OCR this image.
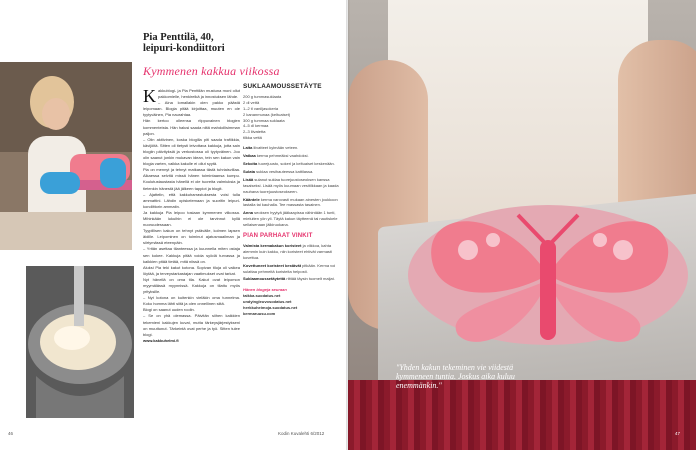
Pia Penttilä, 40,
leipuri-kondiittori
Kymmenen kakkua viikossa
K akkublogi- ja Pia Penttilän mustuna moni ollut pakkomielle, henkireikä ja innostuksen lähde.

– Aina lomallakin olen pakko päästä leipomaan. Blogia pitää kirjoittaa, muuten en ole tyytyväinen, Pia naurahtaa.

Hän kertoo olleensa riippuvainen blogien kommenteista. Hän halusi saada niitä mahdollisimman paljon.

– Olin aktiivinen, koska blogilla piti saada trafiikkia, kävijöitä. Sitten oli tietysti leivottava kakkuja, jotta sain blogiin päivityksiä ja verkostossa oli tyytyväinen. Joo olin saanut jonkin mukavan idean, tein sen kakun vain blogia varten, vaikka kakulle ei ollut syytä.

Pia on mennyt ja tehnyt matkassa tästä tuhriaisvillaa. Alkaessa selvitä missä hänen toimintaansa kumpu. Koulutustaustasta hänellä ei ole tuoreita valmiuksia ja tietenkin hänestä jää jälkeen tappiot ja blogit.

– Ajattelin, että kakkuharrastuksesta voisi tulla ammattini. Lähdin opiskelemaan ja suoritin leipuri-kondiittorin ammatin.

Ja kakkuja Pia leipoo tosiaan kymmenen viikossa. Mihinkään lukuihin ei ole tarvinnut kyllä nuoruudessaan.

Tyypillisen kakun on tehnyt ystävälle, kolmen lapsen äidille. Leipominen on toiminut ajatusmaailman ja siirtymässä eteenpäin.

– Yritän asettaa tilanteessa ja kuunnella miten ostaja sen kokee. Kakkuja pitää voida syödä turvassa ja kaikkien pitää tietää, mitä niissä on.

Aluksi Pia teki kakut kotona. Sopivan tiloja oli vaikea löytää, ja terveystarkastajan vaatimukset ovat tarkat.

Nyt hänellä on oma tila. Kakut ovat leipomon myymälässä myynnissä. Kakkuja on tilattu myös yrityksille.

– Nyt kotona on kuitenkin vieläkin oma tunnelma. Koko homma lähti siitä ja olen onnellinen siitä.

Blogi on saanut uuden roolin.

– Se on yhä olemassa. Päivitän siihen kaikkien tekemieni kakkujen kuvat, mutta tärkeysjärjestykseni on muuttunut. Tärkeintä ovat perhe ja työ. Sitten tulee blogi.

www.kakkuhelmi.fi

SUKLAAMOUSSETÄYTE
200 g tummasuklaata
2 dl vettä
1–2 tl vaniljasokeria
2 kananmunaa (keltuaiset)
300 g tummaa suklaata
4–5 dl kermaa
2–3 liivatetta
tilkka vettä

Laita liivatteet kylmään veteen.

Vatkaa kerma pehmeäksi vaahdoksi.

Sekoita tuorejuusto, sokeri ja keltuaiset keskenään.

Sulata suklaa vesihauteessa kattilassa.

Lisää sulanut suklaa tuorejuustoseoksen kanssa tasaiseksi. Lisää myös kuumaan vesitilkkaan ja kaada nauhana tuorejuustoseokseen.

Kääntele kerma varovasti mukaan ainesten joukkoon lastalla tai kauhalla. Tee massasta tasainen.

Anna seoksen hyytyä jääkaapissa vähintään 1 tunti, mieluiten yön yli. Täytä kakun täytteenä tai nautiskele sellaisenaan jälkiruokana.

PIAN PARHAAT VINKIT

Valmista kermakakun koristeet ja viikkoa, kahta aiemmin kuin kakku, niin koristeet ehtivät varmasti kovettua.

Kovettuneet koristeet kestävät pitkään. Kerma voi sulattaa pehmeitä koristeita helposti.

Suklaamoussetäytettä riittää täysin tuomelt maljat.

Hänen blogeja seuraan
taikka.suodatus.net
undyingleuvosodatus.net
herkkuheimoja.suodatus.net
kermaruusu.com
46	Kodin Kuvalehti 6/2012
"Yhden kakun tekeminen vie viidestä kymmeneen tuntia. Joskus aika kuluu enemmänkin."
47
